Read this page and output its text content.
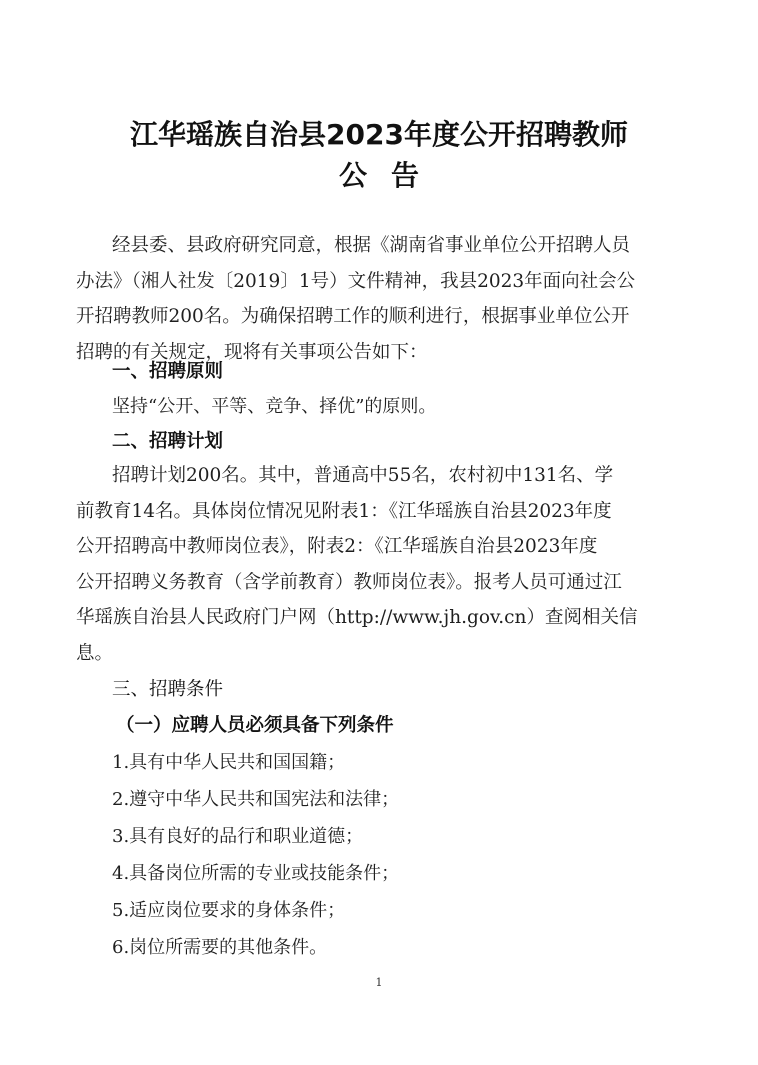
江华瑶族自治县2023年度公开招聘教师
公告
经县委、县政府研究同意，根据《湖南省事业单位公开招聘人员
办法》（湘人社发〔2019〕1号）文件精神，我县2023年面向社会公
开招聘教师200名。为确保招聘工作的顺利进行，根据事业单位公开
招聘的有关规定，现将有关事项公告如下：
一、招聘原则
坚持“公开、平等、竞争、择优”的原则。
二、招聘计划
招聘计划200名。其中，普通高中55名，农村初中131名、学
前教育14名。具体岗位情况见附表1：《江华瑶族自治县2023年度
公开招聘高中教师岗位表》，附表2：《江华瑶族自治县2023年度
公开招聘义务教育（含学前教育）教师岗位表》。报考人员可通过江
华瑶族自治县人民政府门户网（http://www.jh.gov.cn）查阅相关信
息。
三、招聘条件
（一）应聘人员必须具备下列条件
1.具有中华人民共和国国籍；
2.遵守中华人民共和国宪法和法律；
3.具有良好的品行和职业道德；
4.具备岗位所需的专业或技能条件；
5.适应岗位要求的身体条件；
6.岗位所需要的其他条件。
1
